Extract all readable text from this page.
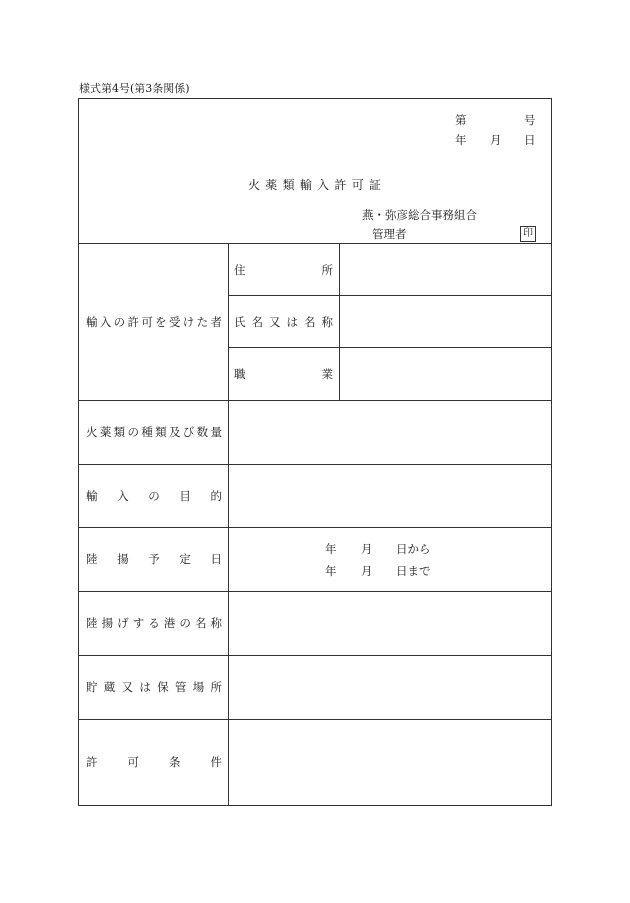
様式第4号(第3条関係)
第	号
年 月 日
火 薬 類 輸 入 許 可 証
燕・弥彦総合事務組合
管理者	印
輸 入 の 許 可 を 受 け た 者
住	所
氏 名 又 は 名 称
職	業
火 薬 類 の 種 類 及 び 数 量
輸 入 の 目 的
陸 揚 予 定 日
年 月 日から
年 月 日まで
陸 揚 げ す る 港 の 名 称
貯 蔵 又 は 保 管 場 所
許	可	条	件
